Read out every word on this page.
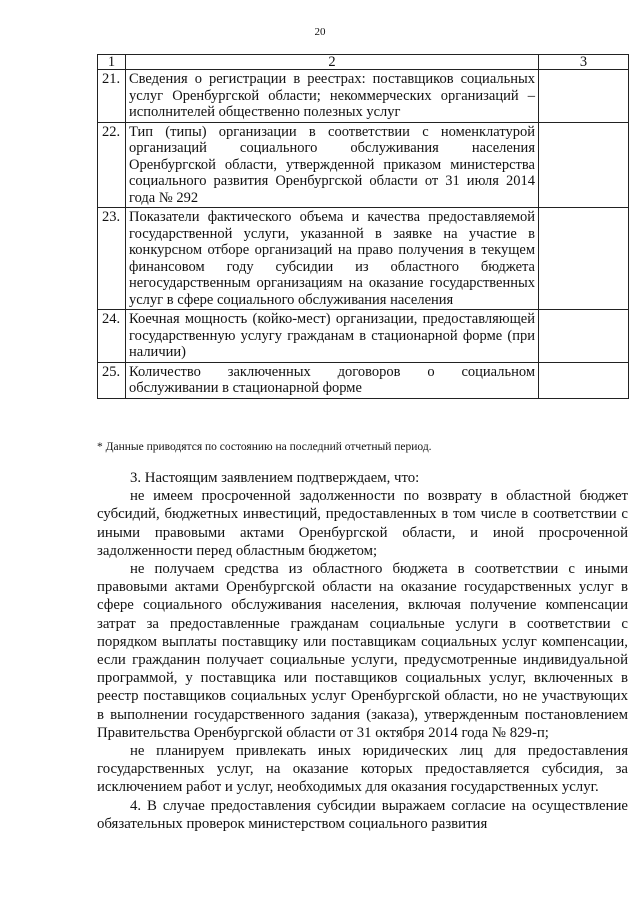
20
1	2	3
21.	Сведения о регистрации в реестрах: поставщиков социальных услуг Оренбургской области; некоммерческих организаций – исполнителей общественно полезных услуг	
22.	Тип (типы) организации в соответствии с номенклатурой организаций социального обслуживания населения Оренбургской области, утвержденной приказом министерства социального развития Оренбургской области от 31 июля 2014 года № 292	
23.	Показатели фактического объема и качества предоставляемой государственной услуги, указанной в заявке на участие в конкурсном отборе организаций на право получения в текущем финансовом году субсидии из областного бюджета негосударственным организациям на оказание государственных услуг в сфере социального обслуживания населения	
24.	Коечная мощность (койко-мест) организации, предоставляющей государственную услугу гражданам в стационарной форме (при наличии)	
25.	Количество заключенных договоров о социальном обслуживании в стационарной форме	
* Данные приводятся по состоянию на последний отчетный период.

3. Настоящим заявлением подтверждаем, что:

не имеем просроченной задолженности по возврату в областной бюджет субсидий, бюджетных инвестиций, предоставленных в том числе в соответствии с иными правовыми актами Оренбургской области, и иной просроченной задолженности перед областным бюджетом;

не получаем средства из областного бюджета в соответствии с иными правовыми актами Оренбургской области на оказание государственных услуг в сфере социального обслуживания населения, включая получение компенсации затрат за предоставленные гражданам социальные услуги в соответствии с порядком выплаты поставщику или поставщикам социальных услуг компенсации, если гражданин получает социальные услуги, предусмотренные индивидуальной программой, у поставщика или поставщиков социальных услуг, включенных в реестр поставщиков социальных услуг Оренбургской области, но не участвующих в выполнении государственного задания (заказа), утвержденным постановлением Правительства Оренбургской области от 31 октября 2014 года № 829-п;

не планируем привлекать иных юридических лиц для предоставления государственных услуг, на оказание которых предоставляется субсидия, за исключением работ и услуг, необходимых для оказания государственных услуг.

4. В случае предоставления субсидии выражаем согласие на осуществление обязательных проверок министерством социального развития
